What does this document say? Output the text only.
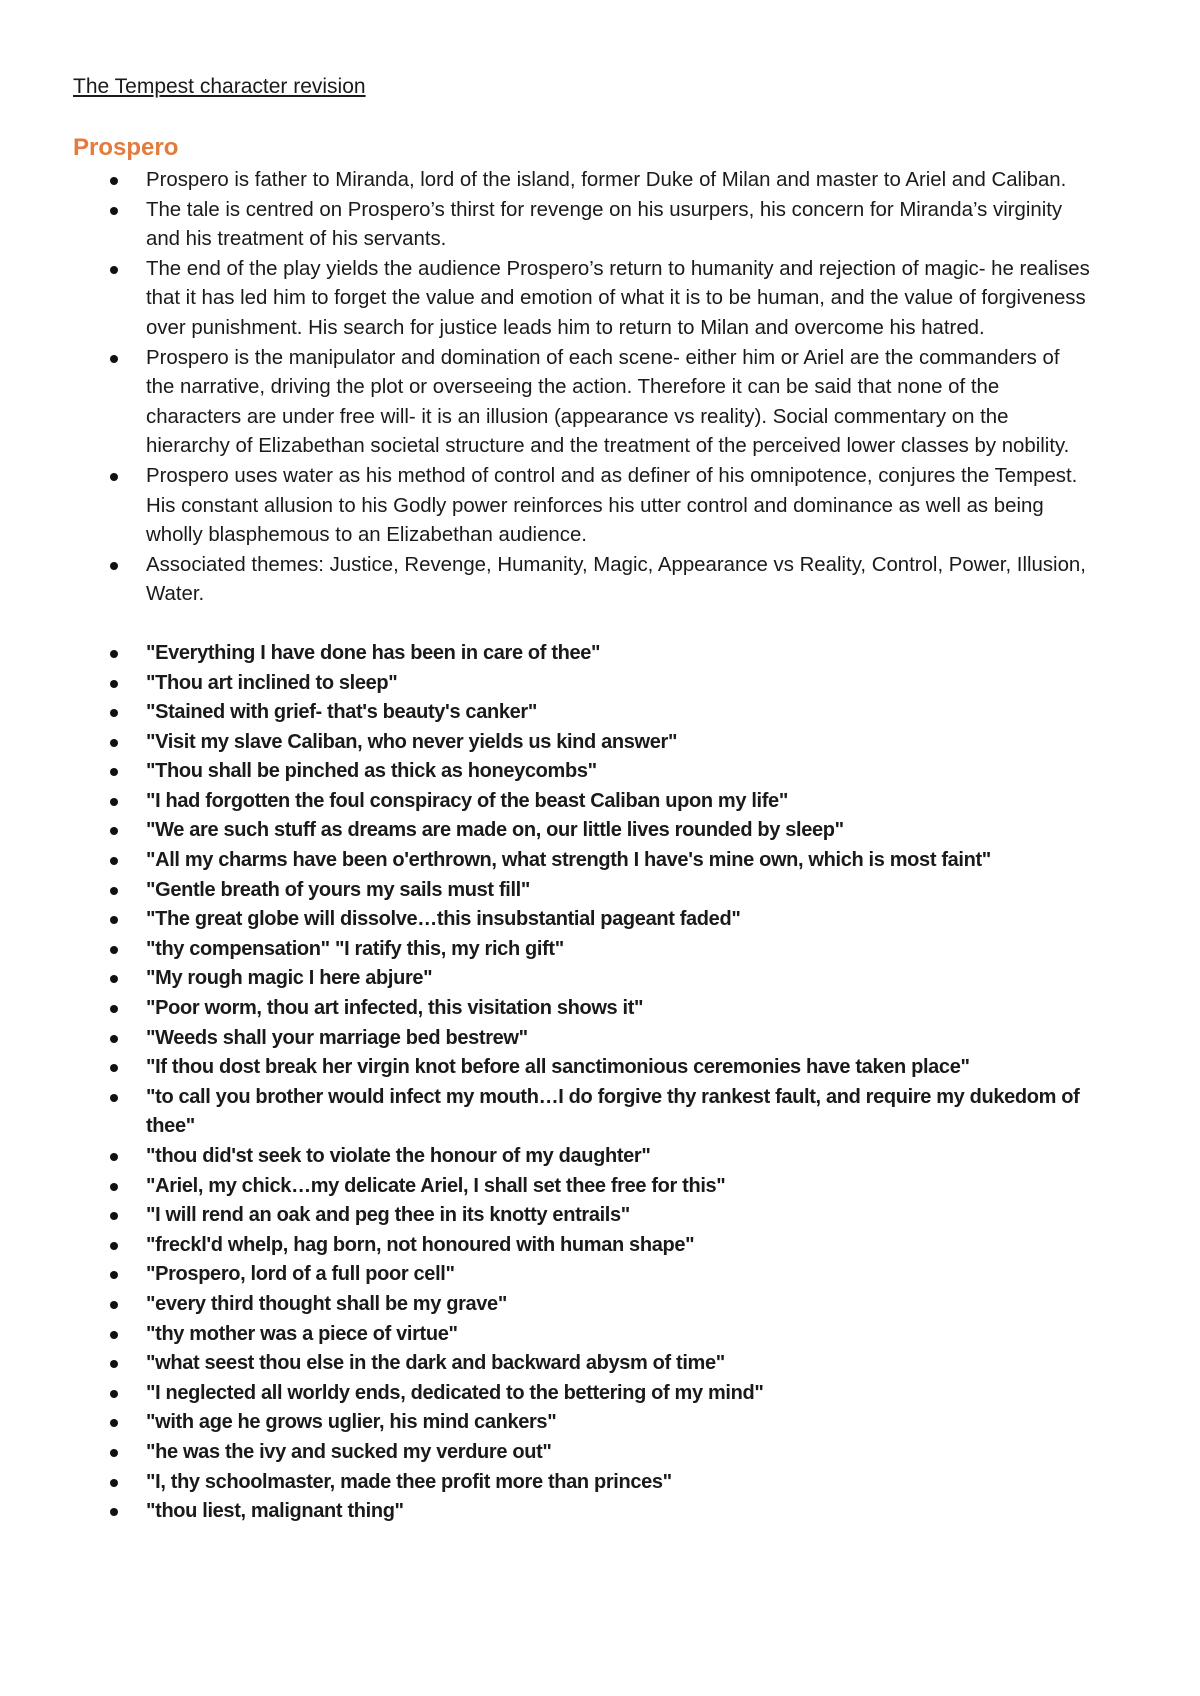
The Tempest character revision
Prospero
Prospero is father to Miranda, lord of the island, former Duke of Milan and master to Ariel and Caliban.
The tale is centred on Prospero’s thirst for revenge on his usurpers, his concern for Miranda’s virginity and his treatment of his servants.
The end of the play yields the audience Prospero’s return to humanity and rejection of magic- he realises that it has led him to forget the value and emotion of what it is to be human, and the value of forgiveness over punishment. His search for justice leads him to return to Milan and overcome his hatred.
Prospero is the manipulator and domination of each scene- either him or Ariel are the commanders of the narrative, driving the plot or overseeing the action. Therefore it can be said that none of the characters are under free will- it is an illusion (appearance vs reality). Social commentary on the hierarchy of Elizabethan societal structure and the treatment of the perceived lower classes by nobility.
Prospero uses water as his method of control and as definer of his omnipotence, conjures the Tempest. His constant allusion to his Godly power reinforces his utter control and dominance as well as being wholly blasphemous to an Elizabethan audience.
Associated themes: Justice, Revenge, Humanity, Magic, Appearance vs Reality, Control, Power, Illusion, Water.
"Everything I have done has been in care of thee"
"Thou art inclined to sleep"
"Stained with grief- that's beauty's canker"
"Visit my slave Caliban, who never yields us kind answer"
"Thou shall be pinched as thick as honeycombs"
"I had forgotten the foul conspiracy of the beast Caliban upon my life"
"We are such stuff as dreams are made on, our little lives rounded by sleep"
"All my charms have been o'erthrown, what strength I have's mine own, which is most faint"
"Gentle breath of yours my sails must fill"
"The great globe will dissolve…this insubstantial pageant faded"
"thy compensation" "I ratify this, my rich gift"
"My rough magic I here abjure"
"Poor worm, thou art infected, this visitation shows it"
"Weeds shall your marriage bed bestrew"
"If thou dost break her virgin knot before all sanctimonious ceremonies have taken place"
"to call you brother would infect my mouth…I do forgive thy rankest fault, and require my dukedom of thee"
"thou did'st seek to violate the honour of my daughter"
"Ariel, my chick…my delicate Ariel, I shall set thee free for this"
"I will rend an oak and peg thee in its knotty entrails"
"freckl'd whelp, hag born, not honoured with human shape"
"Prospero, lord of a full poor cell"
"every third thought shall be my grave"
"thy mother was a piece of virtue"
"what seest thou else in the dark and backward abysm of time"
"I neglected all worldy ends, dedicated to the bettering of my mind"
"with age he grows uglier, his mind cankers"
"he was the ivy and sucked my verdure out"
"I, thy schoolmaster, made thee profit more than princes"
"thou liest, malignant thing"
